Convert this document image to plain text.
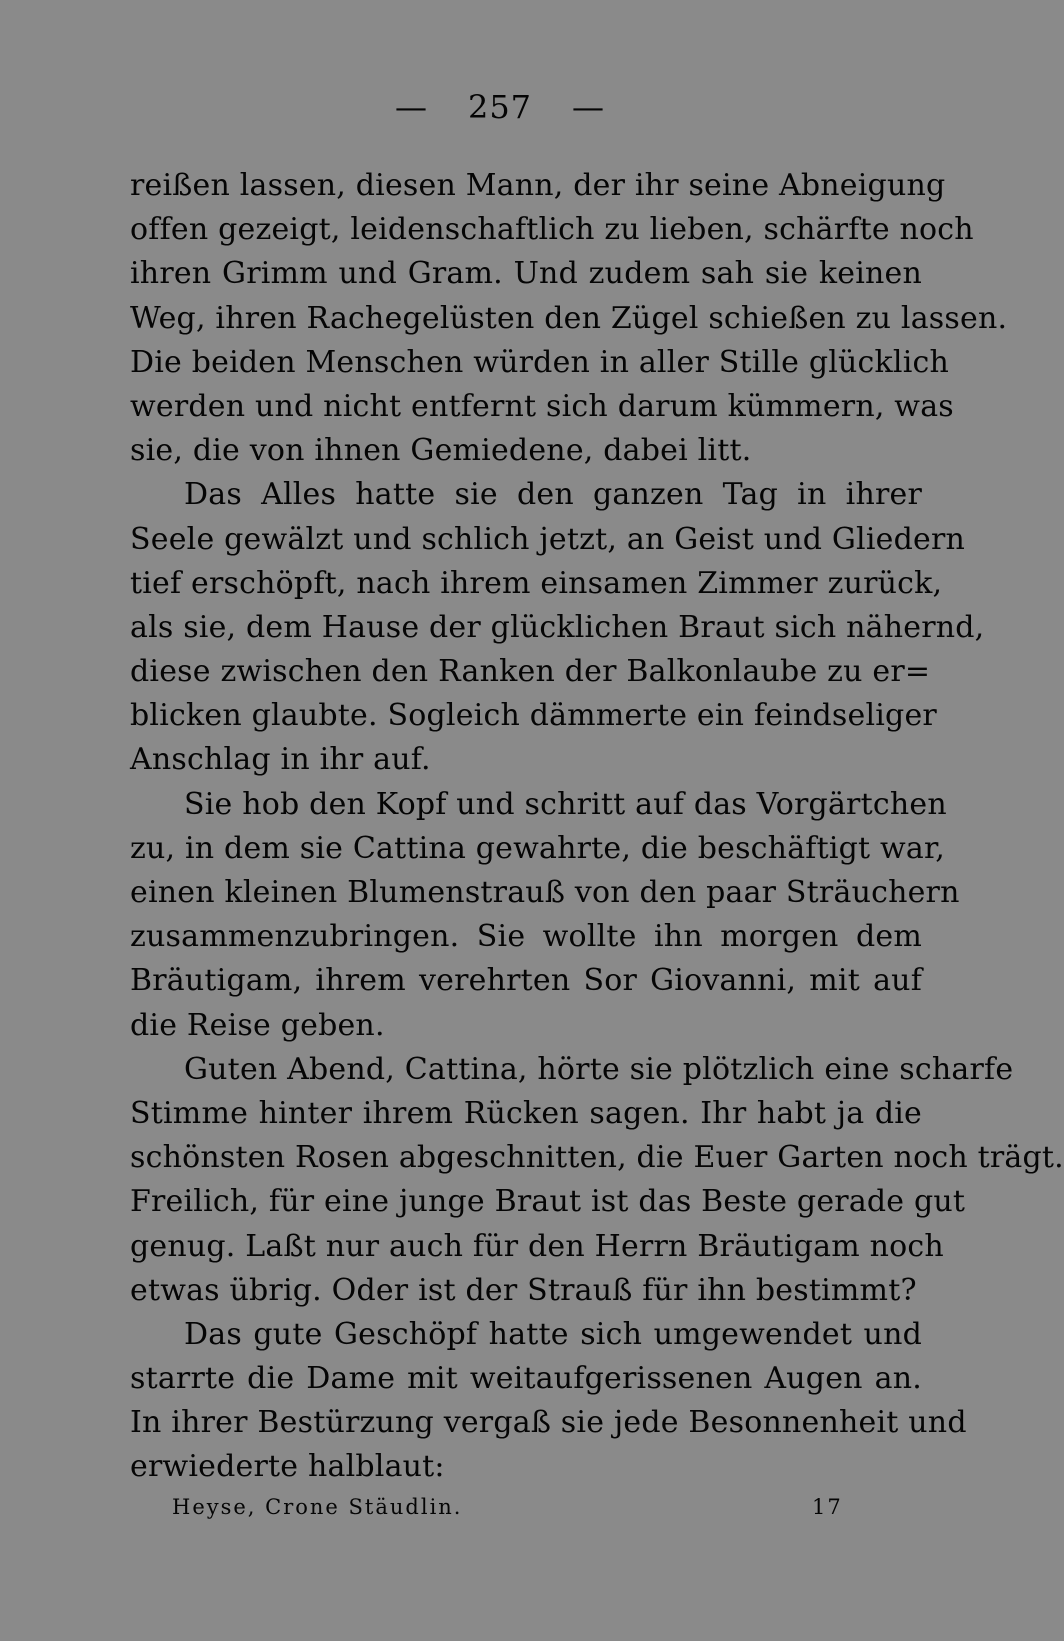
— 257 —
reißen lassen, diesen Mann, der ihr seine Abneigung
offen gezeigt, leidenschaftlich zu lieben, schärfte noch
ihren Grimm und Gram. Und zudem sah sie keinen
Weg, ihren Rachegelüsten den Zügel schießen zu lassen.
Die beiden Menschen würden in aller Stille glücklich
werden und nicht entfernt sich darum kümmern, was
sie, die von ihnen Gemiedene, dabei litt.
Das Alles hatte sie den ganzen Tag in ihrer
Seele gewälzt und schlich jetzt, an Geist und Gliedern
tief erschöpft, nach ihrem einsamen Zimmer zurück,
als sie, dem Hause der glücklichen Braut sich nähernd,
diese zwischen den Ranken der Balkonlaube zu er=
blicken glaubte. Sogleich dämmerte ein feindseliger
Anschlag in ihr auf.
Sie hob den Kopf und schritt auf das Vorgärtchen
zu, in dem sie Cattina gewahrte, die beschäftigt war,
einen kleinen Blumenstrauß von den paar Sträuchern
zusammenzubringen. Sie wollte ihn morgen dem
Bräutigam, ihrem verehrten Sor Giovanni, mit auf
die Reise geben.
Guten Abend, Cattina, hörte sie plötzlich eine scharfe
Stimme hinter ihrem Rücken sagen. Ihr habt ja die
schönsten Rosen abgeschnitten, die Euer Garten noch trägt.
Freilich, für eine junge Braut ist das Beste gerade gut
genug. Laßt nur auch für den Herrn Bräutigam noch
etwas übrig. Oder ist der Strauß für ihn bestimmt?
Das gute Geschöpf hatte sich umgewendet und
starrte die Dame mit weitaufgerissenen Augen an.
In ihrer Bestürzung vergaß sie jede Besonnenheit und
erwiederte halblaut:
Heyse, Crone Stäudlin.	17
